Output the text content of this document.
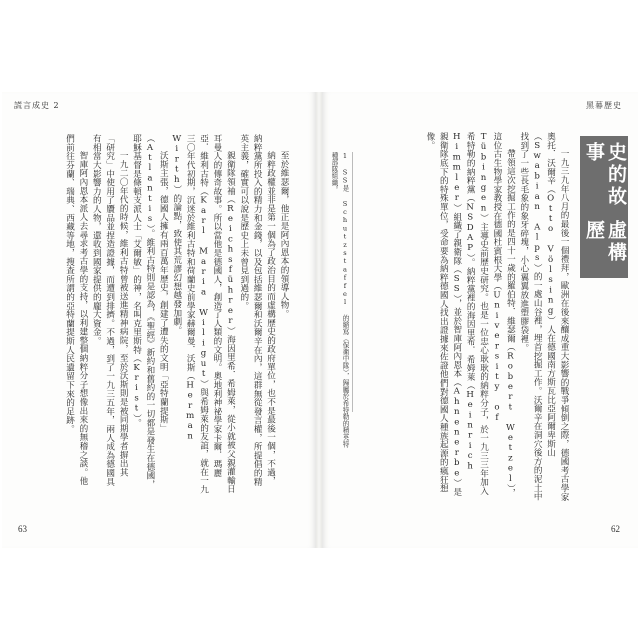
謊言成史 2

至於維瑟爾，他正是阿內恩本的領導人物。

納粹政權並非是第一個為了政治目的而虛構歷史的政府單位，也不是最後一個，不過，納粹黨所投入的精力和金錢，以及包括維瑟爾和沃爾辛在內，這群無從發言權，所提倡的精英主義，確實可以說是歷史上未曾見到過的。

親衛隊領袖（Reichsführer）海因里希．希姆萊，從小就被父親灌輸日耳曼人的傳奇故事。所以當他是德國人，創造了人類的文明。奧地利神祕學家卡爾．瑪麗亞．維利古特（Karl Maria Wiligut）與希姆萊的友誼，就在一九三〇年代初期，沉迷於維利古特和荷蘭史前學家赫爾曼．沃斯（Herman Wirth）的論點，致使其荒謬幻想越發加劇。

沃斯主張，德國人擁有兩百萬年歷史，創建了遭失的文明「亞特蘭提斯」（Atlantis）。維利古特則是認為，《聖經》新約和舊約的一切都是發生在德國，耶穌基督是條頓支派人士「艾爾敏」的神，名叫克里斯特（Krist）。

一九二〇年代的時候，維利古特曾被送進精神病院，至於沃斯則是被同期學者摒出其「研究」中使用了贗品並捏造證據，而遭到排擠。不過，到了一九三五年，兩人成為德國具有相當大影響力的人物，還收到國家提供的龐大資金。

智庫阿內恩本派人去尋求考古學的支持，以利建整個納粹分子想像出來的無稽之談。他們前往芬蘭、瑞典、西藏等地，搜查所謂的亞特蘭提斯人民遺留下來的足跡。

63
黑幕歷史
虛構歷
史的故事

一九三九年八月的最後一個禮拜，歐洲在後來釀成重大影響的戰爭傾倒之際，德國考古學家奧托．沃爾辛（Otto Völsing）人在德國南方斯瓦比亞阿爾卑斯山（Swabian Alps）的一處山谷裡，埋首挖掘工作。沃爾辛在洞穴後方的泥土中找到了一些長毛象的象牙碎塊，小心翼翼放進塑膠袋裡。

帶領這次挖掘工作的是四十一歲的羅伯特．維瑟爾（Robert Wetzel），這位古生物學家教授在德國杜賓根大學（University of Tübingen）主導史前歷史研究。也是一位忠心耿耿的納粹分子，於一九三三年加入希特勒的納粹黨（NSDAP）。納粹黨裡的海因里希．希姆萊（Heinrich Himmler）組織了親衛隊（SS），並於智庫阿內恩本（Ahnenerbe）是親衛隊底下的特殊單位，受命要為納粹德國人找出證據來佐證他們對德國人種族起源的瘋狂想像。

1 SS是 Schutzstaffel 的縮寫（保衛中隊），歸屬於希特勒的精英特種部隊組織。
62
